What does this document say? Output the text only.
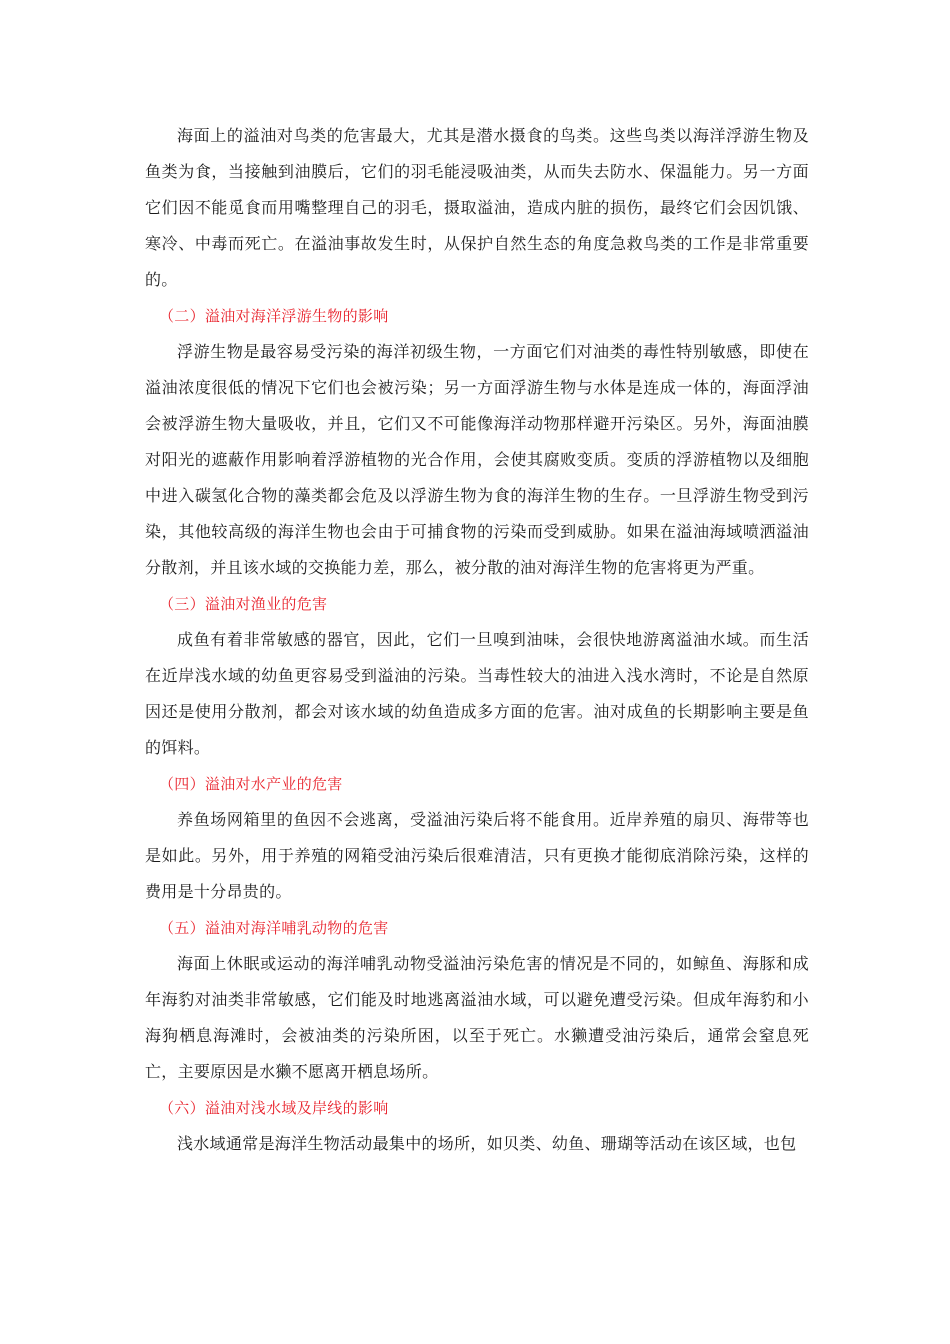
海面上的溢油对鸟类的危害最大，尤其是潜水摄食的鸟类。这些鸟类以海洋浮游生物及鱼类为食，当接触到油膜后，它们的羽毛能浸吸油类，从而失去防水、保温能力。另一方面它们因不能觅食而用嘴整理自己的羽毛，摄取溢油，造成内脏的损伤，最终它们会因饥饿、寒冷、中毒而死亡。在溢油事故发生时，从保护自然生态的角度急救鸟类的工作是非常重要的。

（二）溢油对海洋浮游生物的影响

浮游生物是最容易受污染的海洋初级生物，一方面它们对油类的毒性特别敏感，即使在溢油浓度很低的情况下它们也会被污染；另一方面浮游生物与水体是连成一体的，海面浮油会被浮游生物大量吸收，并且，它们又不可能像海洋动物那样避开污染区。另外，海面油膜对阳光的遮蔽作用影响着浮游植物的光合作用，会使其腐败变质。变质的浮游植物以及细胞中进入碳氢化合物的藻类都会危及以浮游生物为食的海洋生物的生存。一旦浮游生物受到污染，其他较高级的海洋生物也会由于可捕食物的污染而受到威胁。如果在溢油海域喷洒溢油分散剂，并且该水域的交换能力差，那么，被分散的油对海洋生物的危害将更为严重。

（三）溢油对渔业的危害

成鱼有着非常敏感的器官，因此，它们一旦嗅到油味，会很快地游离溢油水域。而生活在近岸浅水域的幼鱼更容易受到溢油的污染。当毒性较大的油进入浅水湾时，不论是自然原因还是使用分散剂，都会对该水域的幼鱼造成多方面的危害。油对成鱼的长期影响主要是鱼的饵料。

（四）溢油对水产业的危害

养鱼场网箱里的鱼因不会逃离，受溢油污染后将不能食用。近岸养殖的扇贝、海带等也是如此。另外，用于养殖的网箱受油污染后很难清洁，只有更换才能彻底消除污染，这样的费用是十分昂贵的。

（五）溢油对海洋哺乳动物的危害

海面上休眠或运动的海洋哺乳动物受溢油污染危害的情况是不同的，如鲸鱼、海豚和成年海豹对油类非常敏感，它们能及时地逃离溢油水域，可以避免遭受污染。但成年海豹和小海狗栖息海滩时，会被油类的污染所困，以至于死亡。水獭遭受油污染后，通常会窒息死亡，主要原因是水獭不愿离开栖息场所。

（六）溢油对浅水域及岸线的影响

浅水域通常是海洋生物活动最集中的场所，如贝类、幼鱼、珊瑚等活动在该区域，也包
